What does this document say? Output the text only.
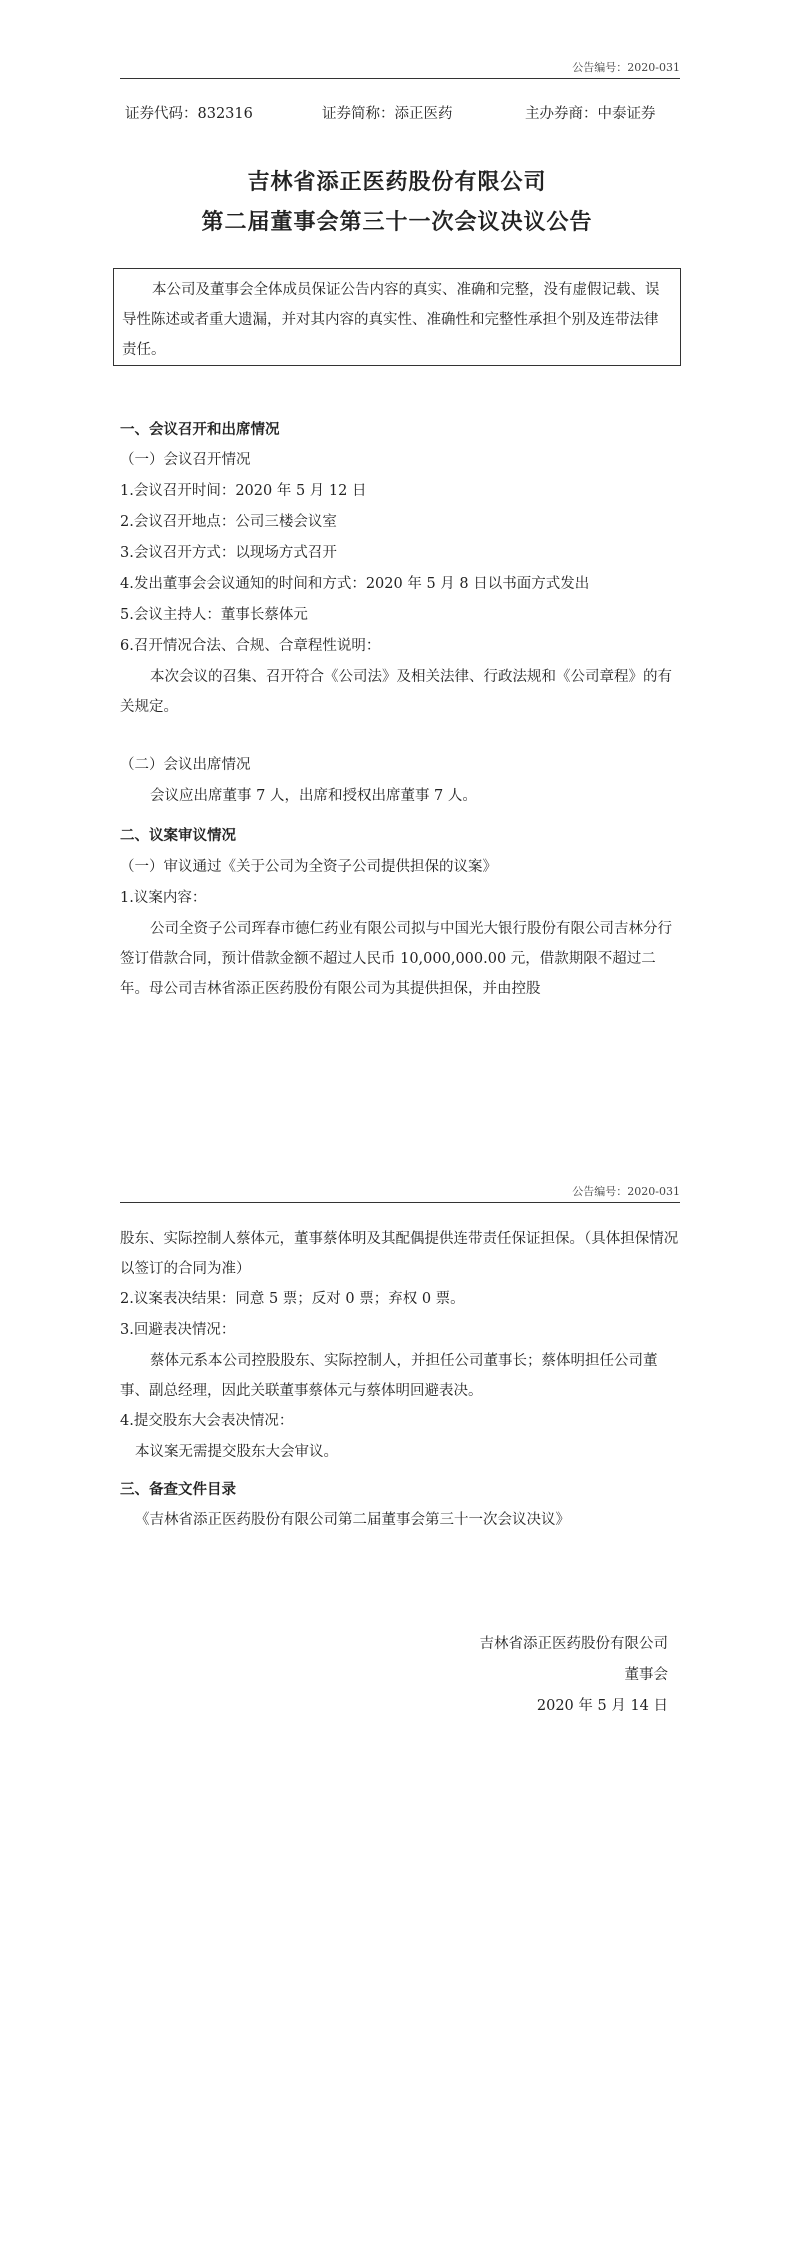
公告编号：2020-031
证券代码：832316	证券简称：添正医药	主办券商：中泰证券
吉林省添正医药股份有限公司
第二届董事会第三十一次会议决议公告

本公司及董事会全体成员保证公告内容的真实、准确和完整，没有虚假记载、误导性陈述或者重大遗漏，并对其内容的真实性、准确性和完整性承担个别及连带法律责任。

一、会议召开和出席情况
（一）会议召开情况
1.会议召开时间：2020 年 5 月 12 日
2.会议召开地点：公司三楼会议室
3.会议召开方式：以现场方式召开
4.发出董事会会议通知的时间和方式：2020 年 5 月 8 日以书面方式发出
5.会议主持人：董事长蔡体元
6.召开情况合法、合规、合章程性说明：

本次会议的召集、召开符合《公司法》及相关法律、行政法规和《公司章程》的有关规定。

（二）会议出席情况
会议应出席董事 7 人，出席和授权出席董事 7 人。
二、议案审议情况
（一）审议通过《关于公司为全资子公司提供担保的议案》
1.议案内容：

公司全资子公司珲春市德仁药业有限公司拟与中国光大银行股份有限公司吉林分行签订借款合同，预计借款金额不超过人民币 10,000,000.00 元，借款期限不超过二年。母公司吉林省添正医药股份有限公司为其提供担保，并由控股

公告编号：2020-031

股东、实际控制人蔡体元，董事蔡体明及其配偶提供连带责任保证担保。（具体担保情况以签订的合同为准）

2.议案表决结果：同意 5 票；反对 0 票；弃权 0 票。
3.回避表决情况：

蔡体元系本公司控股股东、实际控制人，并担任公司董事长；蔡体明担任公司董事、副总经理，因此关联董事蔡体元与蔡体明回避表决。

4.提交股东大会表决情况：
本议案无需提交股东大会审议。
三、备查文件目录
《吉林省添正医药股份有限公司第二届董事会第三十一次会议决议》
吉林省添正医药股份有限公司
董事会
2020 年 5 月 14 日
